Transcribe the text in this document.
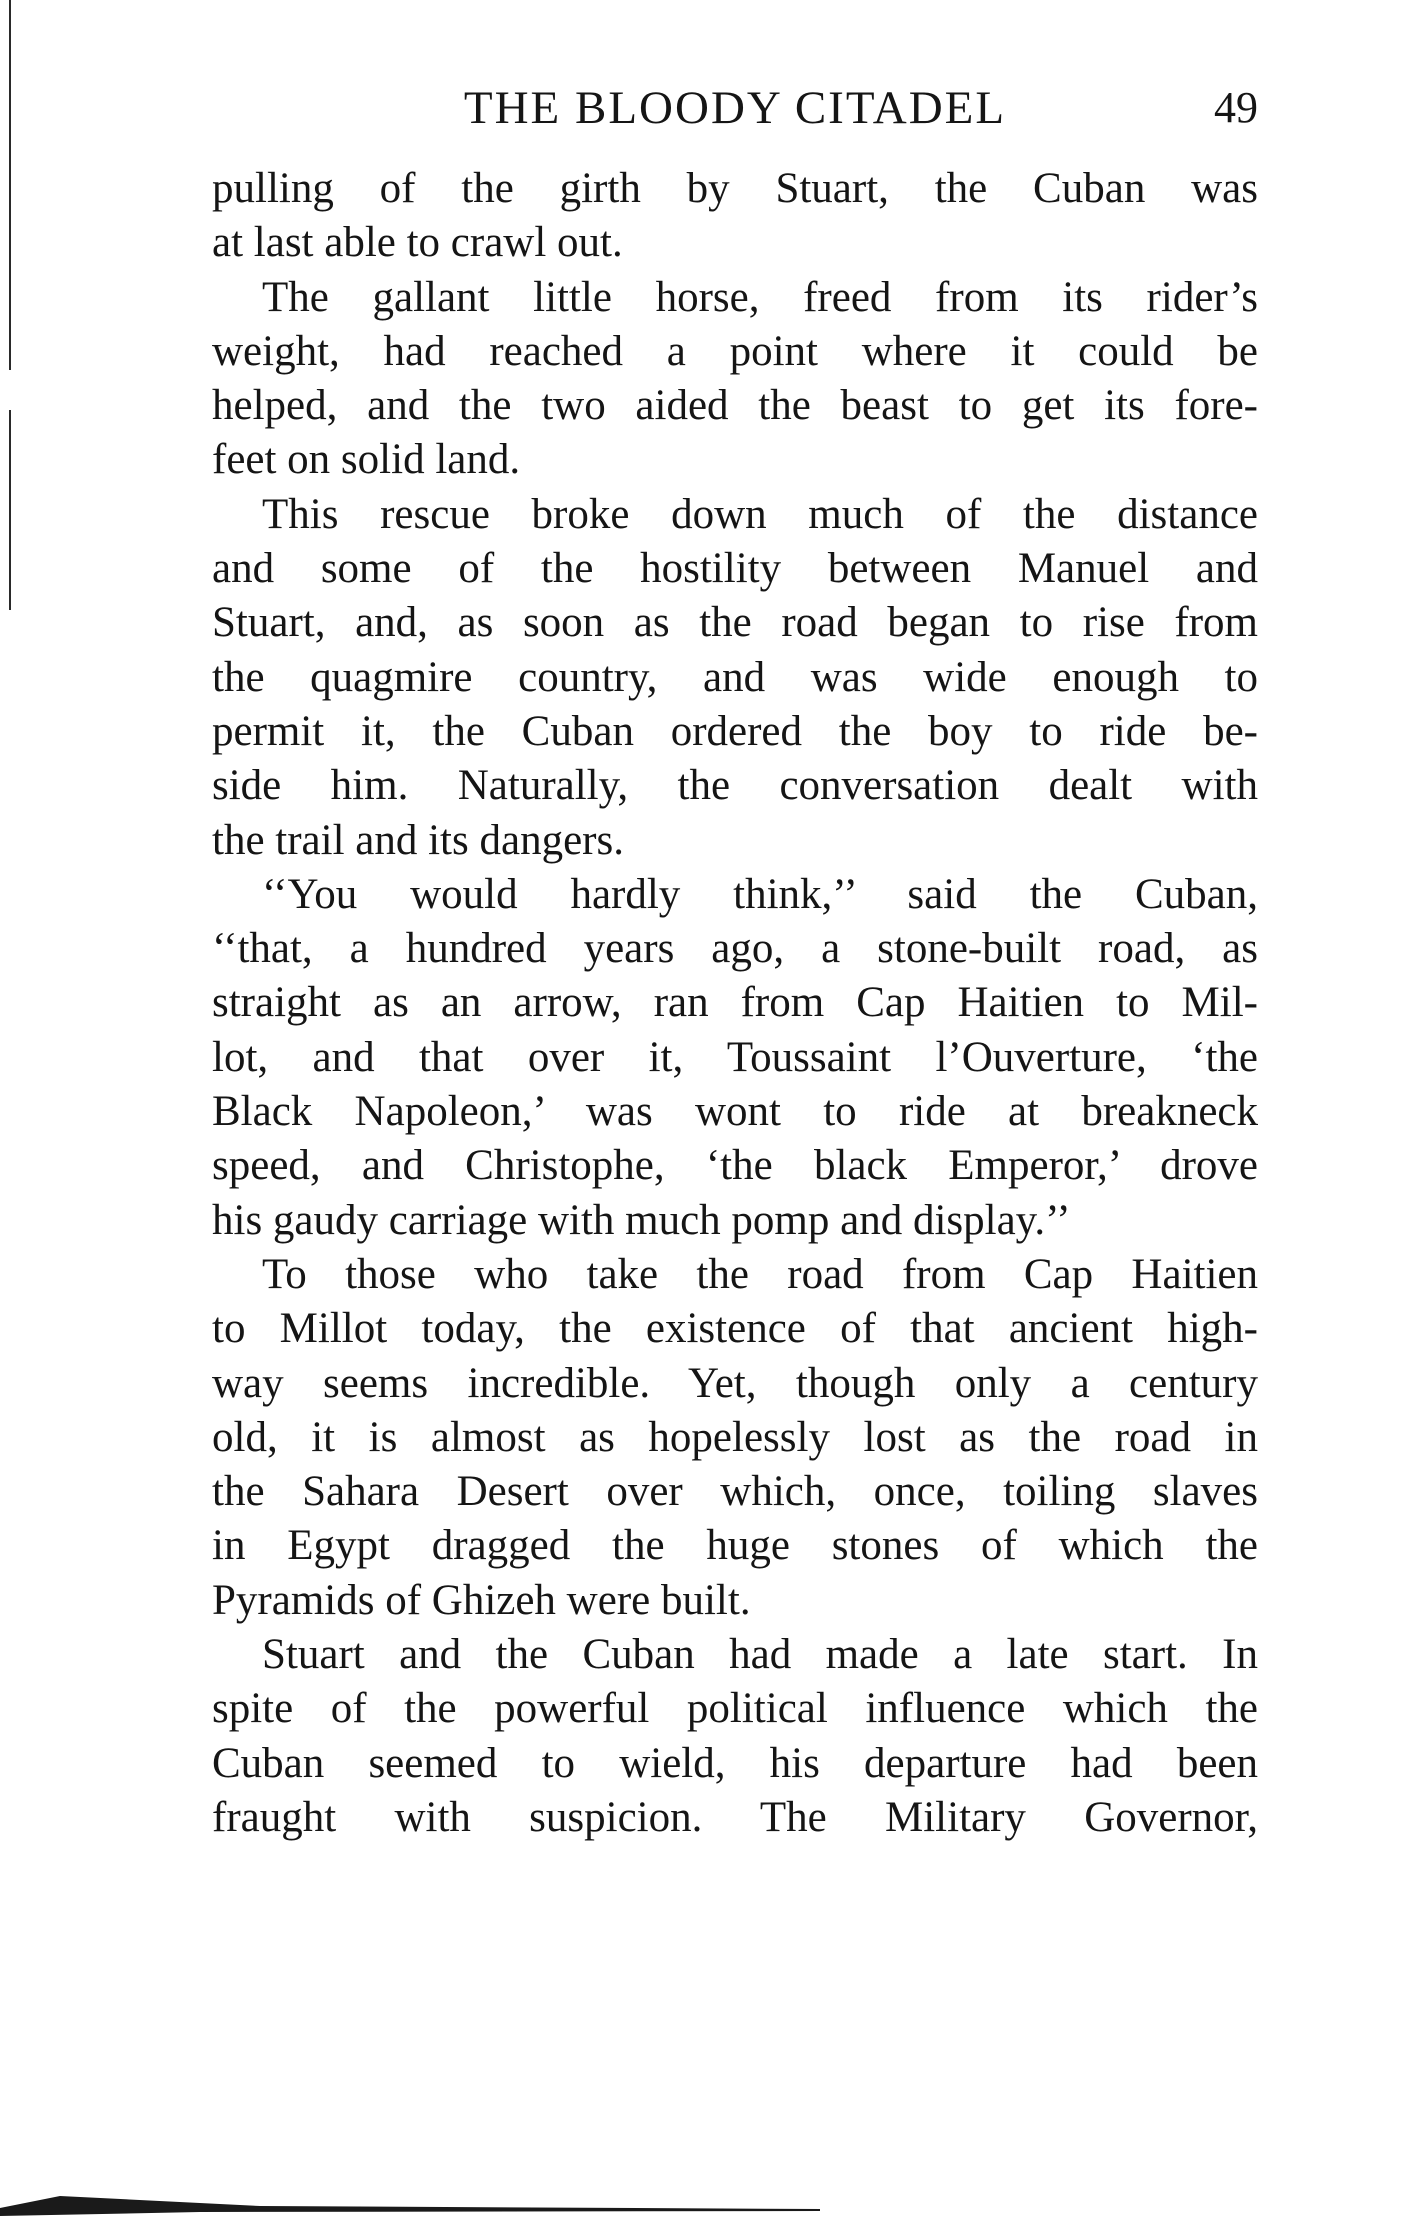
THE BLOODY CITADEL	49
pulling of the girth by Stuart, the Cuban was
at last able to crawl out.
The gallant little horse, freed from its rider’s
weight, had reached a point where it could be
helped, and the two aided the beast to get its fore-
feet on solid land.
This rescue broke down much of the distance
and some of the hostility between Manuel and
Stuart, and, as soon as the road began to rise from
the quagmire country, and was wide enough to
permit it, the Cuban ordered the boy to ride be-
side him. Naturally, the conversation dealt with
the trail and its dangers.
‘‘You would hardly think,’’ said the Cuban,
‘‘that, a hundred years ago, a stone-built road, as
straight as an arrow, ran from Cap Haitien to Mil-
lot, and that over it, Toussaint l’Ouverture, ‘the
Black Napoleon,’ was wont to ride at breakneck
speed, and Christophe, ‘the black Emperor,’ drove
his gaudy carriage with much pomp and display.’’
To those who take the road from Cap Haitien
to Millot today, the existence of that ancient high-
way seems incredible. Yet, though only a century
old, it is almost as hopelessly lost as the road in
the Sahara Desert over which, once, toiling slaves
in Egypt dragged the huge stones of which the
Pyramids of Ghizeh were built.
Stuart and the Cuban had made a late start. In
spite of the powerful political influence which the
Cuban seemed to wield, his departure had been
fraught with suspicion. The Military Governor,
